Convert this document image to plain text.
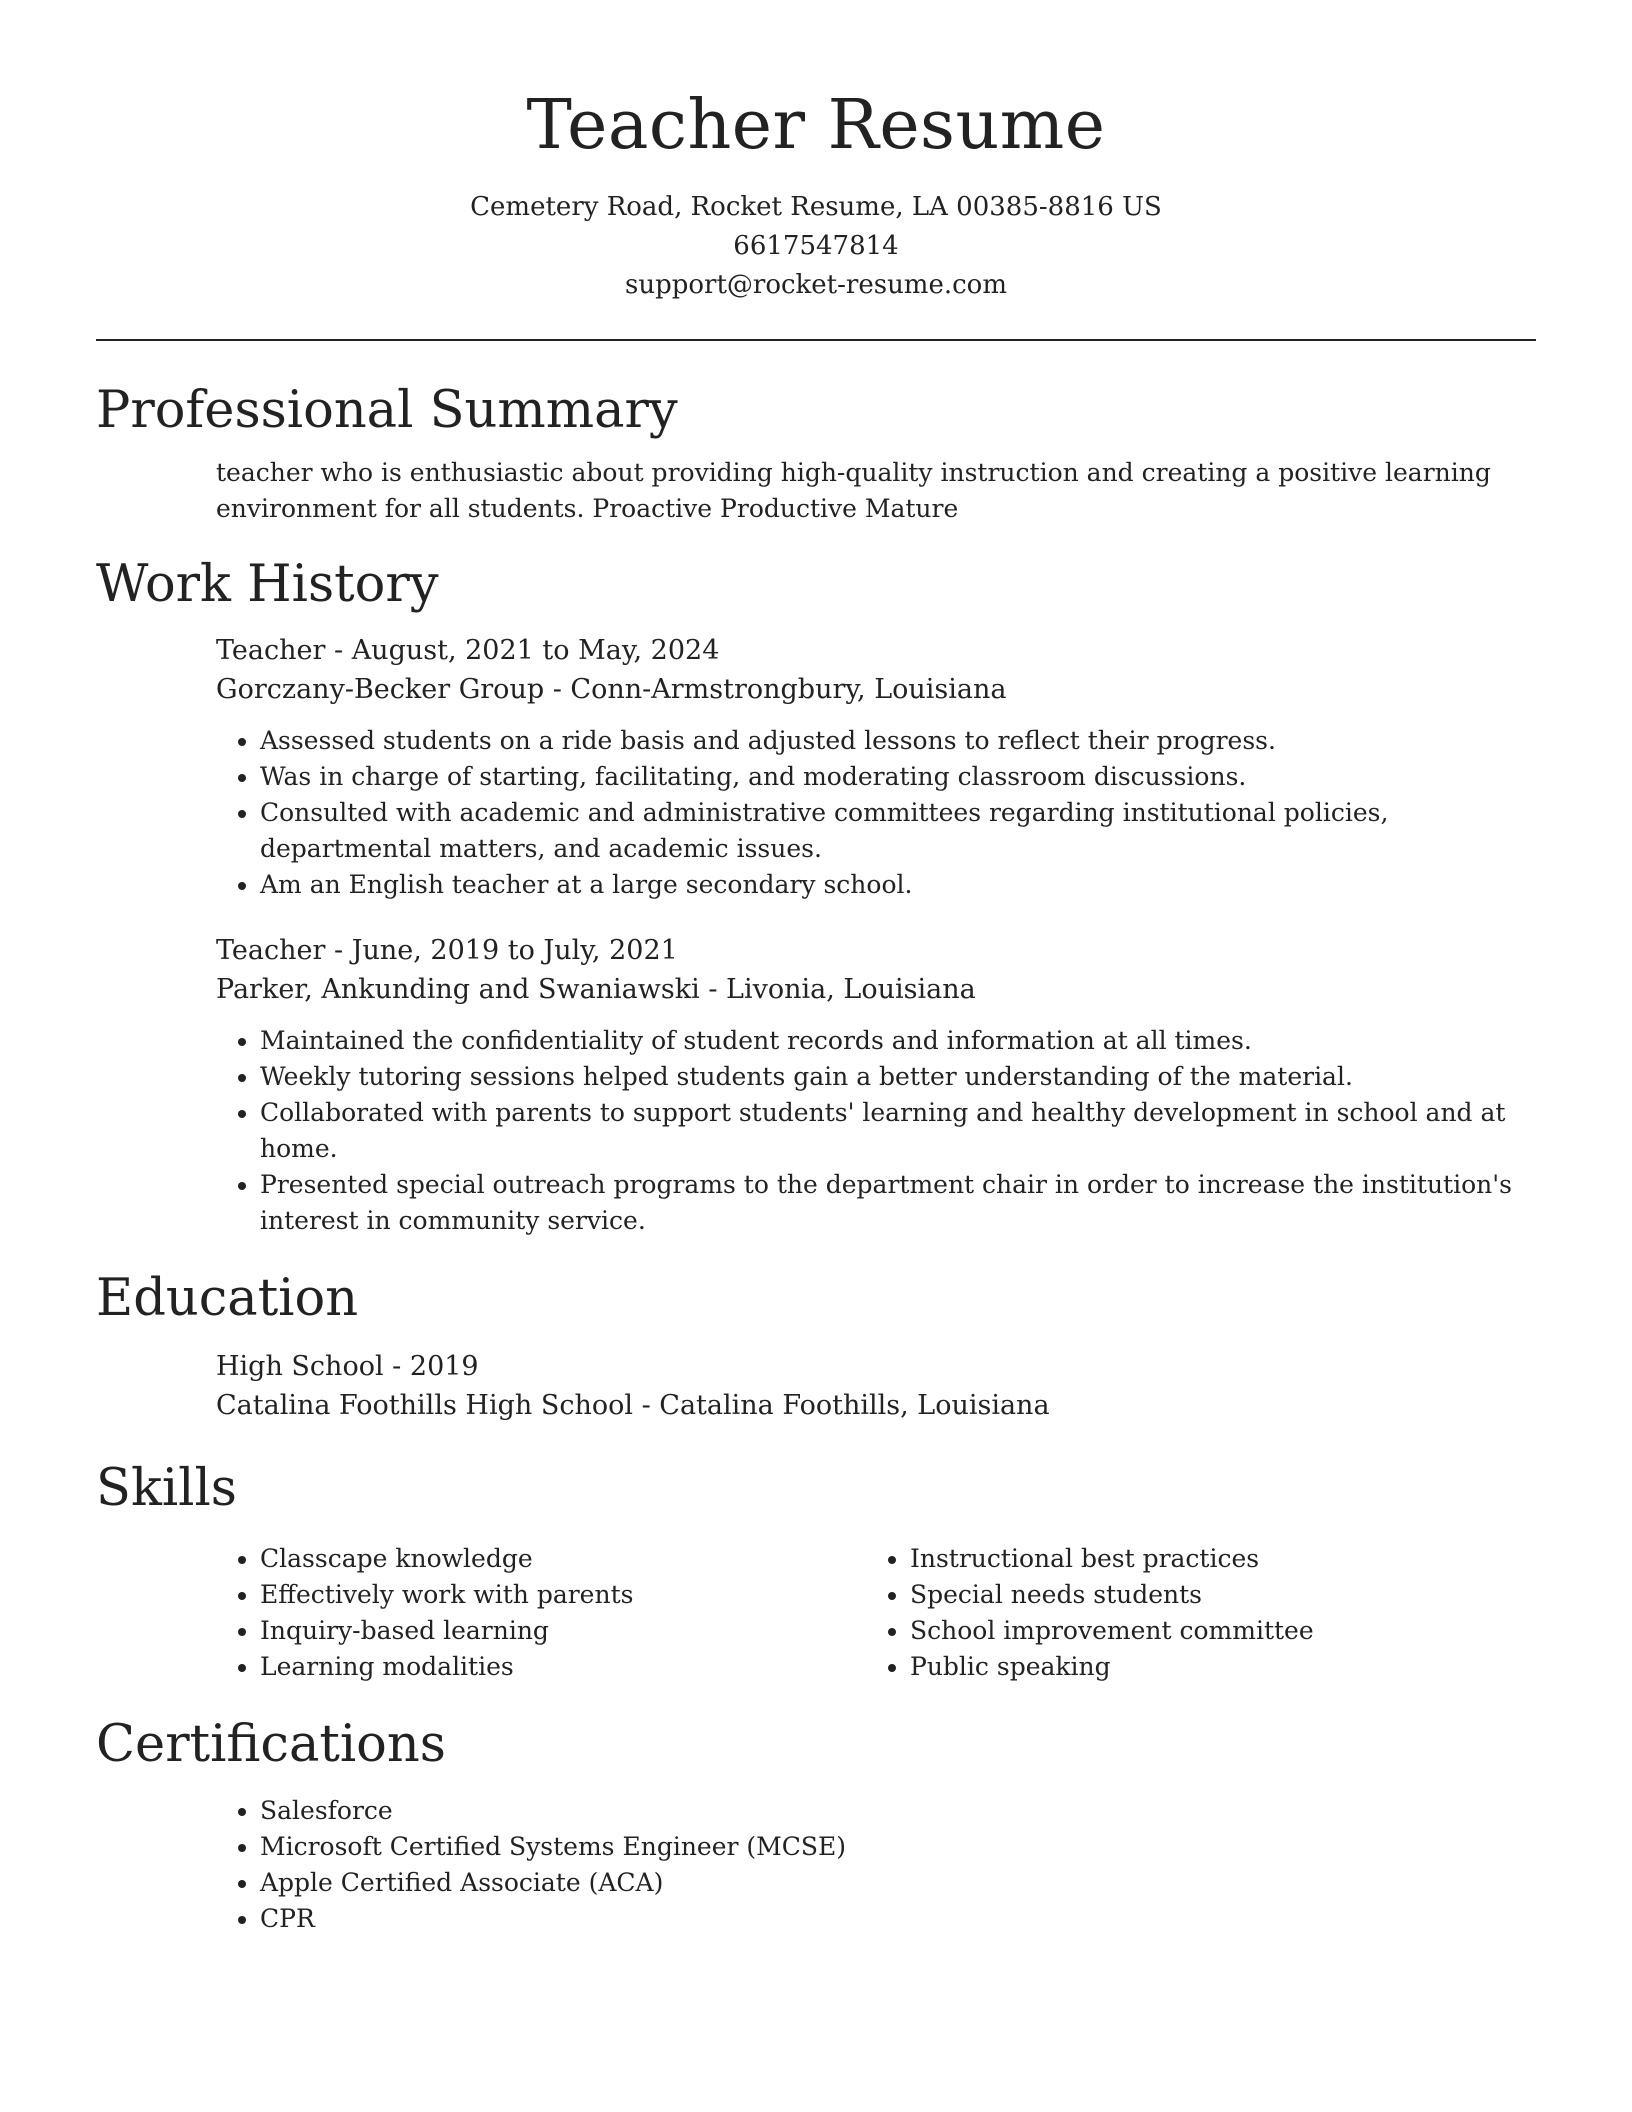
Teacher Resume
Cemetery Road, Rocket Resume, LA 00385-8816 US
6617547814
support@rocket-resume.com
Professional Summary

teacher who is enthusiastic about providing high-quality instruction and creating a positive learning environment for all students. Proactive Productive Mature

Work History
Teacher - August, 2021 to May, 2024
Gorczany-Becker Group - Conn-Armstrongbury, Louisiana
• Assessed students on a ride basis and adjusted lessons to reflect their progress.
• Was in charge of starting, facilitating, and moderating classroom discussions.
• Consulted with academic and administrative committees regarding institutional policies, departmental matters, and academic issues.
• Am an English teacher at a large secondary school.
Teacher - June, 2019 to July, 2021
Parker, Ankunding and Swaniawski - Livonia, Louisiana
• Maintained the confidentiality of student records and information at all times.
• Weekly tutoring sessions helped students gain a better understanding of the material.
• Collaborated with parents to support students' learning and healthy development in school and at home.
• Presented special outreach programs to the department chair in order to increase the institution's interest in community service.
Education
High School - 2019
Catalina Foothills High School - Catalina Foothills, Louisiana
Skills
• Classcape knowledge
• Effectively work with parents
• Inquiry-based learning
• Learning modalities
• Instructional best practices
• Special needs students
• School improvement committee
• Public speaking
Certifications
• Salesforce
• Microsoft Certified Systems Engineer (MCSE)
• Apple Certified Associate (ACA)
• CPR
